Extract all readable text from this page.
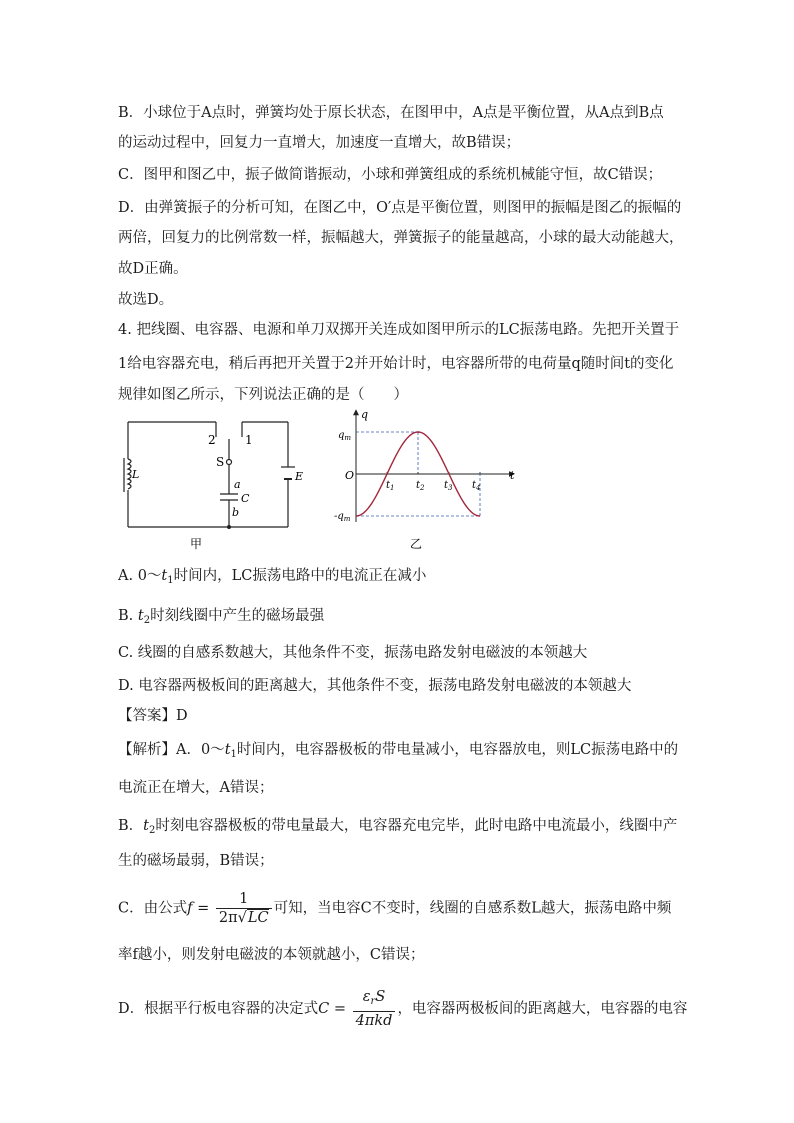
B．小球位于A点时，弹簧均处于原长状态，在图甲中，A点是平衡位置，从A点到B点
的运动过程中，回复力一直增大，加速度一直增大，故B错误；
C．图甲和图乙中，振子做简谐振动，小球和弹簧组成的系统机械能守恒，故C错误；
D．由弹簧振子的分析可知，在图乙中，O′点是平衡位置，则图甲的振幅是图乙的振幅的
两倍，回复力的比例常数一样，振幅越大，弹簧振子的能量越高，小球的最大动能越大，
故D正确。
故选D。
4. 把线圈、电容器、电源和单刀双掷开关连成如图甲所示的LC振荡电路。先把开关置于
1给电容器充电，稍后再把开关置于2并开始计时，电容器所带的电荷量q随时间t的变化
规律如图乙所示，下列说法正确的是（　　）
2 1
S
a
C
b
L	E
甲
q
t
O
$q_m$
$-q_m$
$t_1$ $t_2$ $t_3$ $t_4$
乙
A. $0\sim t_1$时间内，LC振荡电路中的电流正在减小
B. $t_2$时刻线圈中产生的磁场最强
C. 线圈的自感系数越大，其他条件不变，振荡电路发射电磁波的本领越大
D. 电容器两极板间的距离越大，其他条件不变，振荡电路发射电磁波的本领越大
【答案】D
【解析】A．$0\sim t_1$时间内，电容器极板的带电量减小，电容器放电，则LC振荡电路中的
电流正在增大，A错误；
B．$t_2$时刻电容器极板的带电量最大，电容器充电完毕，此时电路中电流最小，线圈中产
生的磁场最弱，B错误；
C．由公式$f = \frac{1}{2\pi√LC}$ 可知，当电容C不变时，线圈的自感系数L越大，振荡电路中频
率f越小，则发射电磁波的本领就越小，C错误；
D．根据平行板电容器的决定式$C = \frac{\varepsilon_rS}{\text{4πkd}}$ ，电容器两极板间的距离越大，电容器的电容
